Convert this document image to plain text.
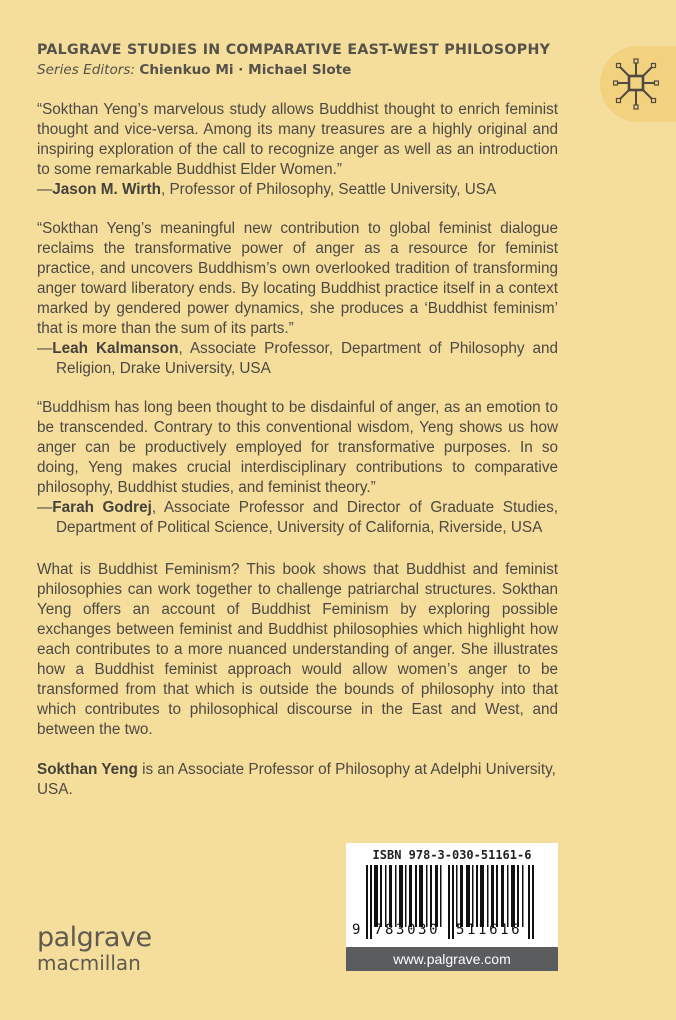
PALGRAVE STUDIES IN COMPARATIVE EAST-WEST PHILOSOPHY
Series Editors: Chienkuo Mi · Michael Slote

“Sokthan Yeng’s marvelous study allows Buddhist thought to enrich feminist thought and vice-versa. Among its many treasures are a highly original and inspiring exploration of the call to recognize anger as well as an introduction to some remarkable Buddhist Elder Women.”

—Jason M. Wirth, Professor of Philosophy, Seattle University, USA

“Sokthan Yeng’s meaningful new contribution to global feminist dialogue reclaims the transformative power of anger as a resource for feminist practice, and uncovers Buddhism’s own overlooked tradition of transforming anger toward liberatory ends. By locating Buddhist practice itself in a context marked by gendered power dynamics, she produces a ‘Buddhist feminism’ that is more than the sum of its parts.”

—Leah Kalmanson, Associate Professor, Department of Philosophy and Religion, Drake University, USA

“Buddhism has long been thought to be disdainful of anger, as an emotion to be transcended. Contrary to this conventional wisdom, Yeng shows us how anger can be productively employed for transformative purposes. In so doing, Yeng makes crucial interdisciplinary contributions to comparative philosophy, Buddhist studies, and feminist theory.”

—Farah Godrej, Associate Professor and Director of Graduate Studies, Department of Political Science, University of California, Riverside, USA

What is Buddhist Feminism? This book shows that Buddhist and feminist philosophies can work together to challenge patriarchal structures. Sokthan Yeng offers an account of Buddhist Feminism by exploring possible exchanges between feminist and Buddhist philosophies which highlight how each contributes to a more nuanced understanding of anger. She illustrates how a Buddhist feminist approach would allow women’s anger to be transformed from that which is outside the bounds of philosophy into that which contributes to philosophical discourse in the East and West, and between the two.

Sokthan Yeng is an Associate Professor of Philosophy at Adelphi University, USA.

palgrave
macmillan
ISBN 978-3-030-51161-6
9 783030 511616
www.palgrave.com
